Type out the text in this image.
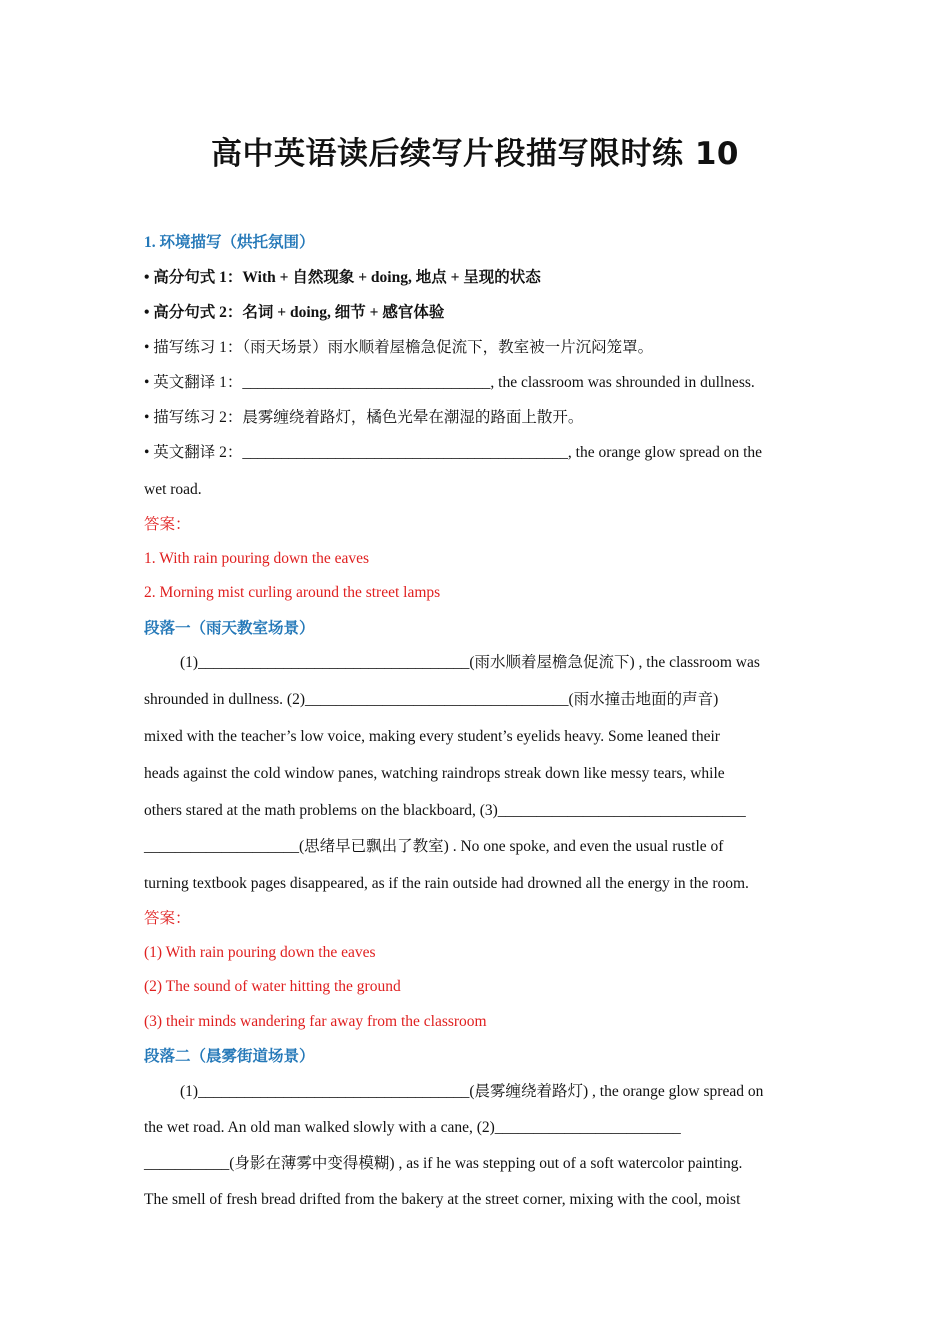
高中英语读后续写片段描写限时练 10
1. 环境描写（烘托氛围）
• 高分句式 1：With + 自然现象 + doing, 地点 + 呈现的状态
• 高分句式 2：名词 + doing, 细节 + 感官体验
• 描写练习 1：（雨天场景）雨水顺着屋檐急促流下，教室被一片沉闷笼罩。
• 英文翻译 1：________________________________, the classroom was shrounded in dullness.
• 描写练习 2：晨雾缠绕着路灯，橘色光晕在潮湿的路面上散开。
• 英文翻译 2：__________________________________________, the orange glow spread on the
wet road.
答案：
1. With rain pouring down the eaves
2. Morning mist curling around the street lamps
段落一（雨天教室场景）
(1)___________________________________(雨水顺着屋檐急促流下) , the classroom was
shrounded in dullness. (2)__________________________________(雨水撞击地面的声音)
mixed with the teacher’s low voice, making every student’s eyelids heavy. Some leaned their
heads against the cold window panes, watching raindrops streak down like messy tears, while
others stared at the math problems on the blackboard, (3)________________________________
____________________(思绪早已飘出了教室) . No one spoke, and even the usual rustle of
turning textbook pages disappeared, as if the rain outside had drowned all the energy in the room.
答案：
(1) With rain pouring down the eaves
(2) The sound of water hitting the ground
(3) their minds wandering far away from the classroom
段落二（晨雾街道场景）
(1)___________________________________(晨雾缠绕着路灯) , the orange glow spread on
the wet road. An old man walked slowly with a cane, (2)________________________
___________(身影在薄雾中变得模糊) , as if he was stepping out of a soft watercolor painting.
The smell of fresh bread drifted from the bakery at the street corner, mixing with the cool, moist
